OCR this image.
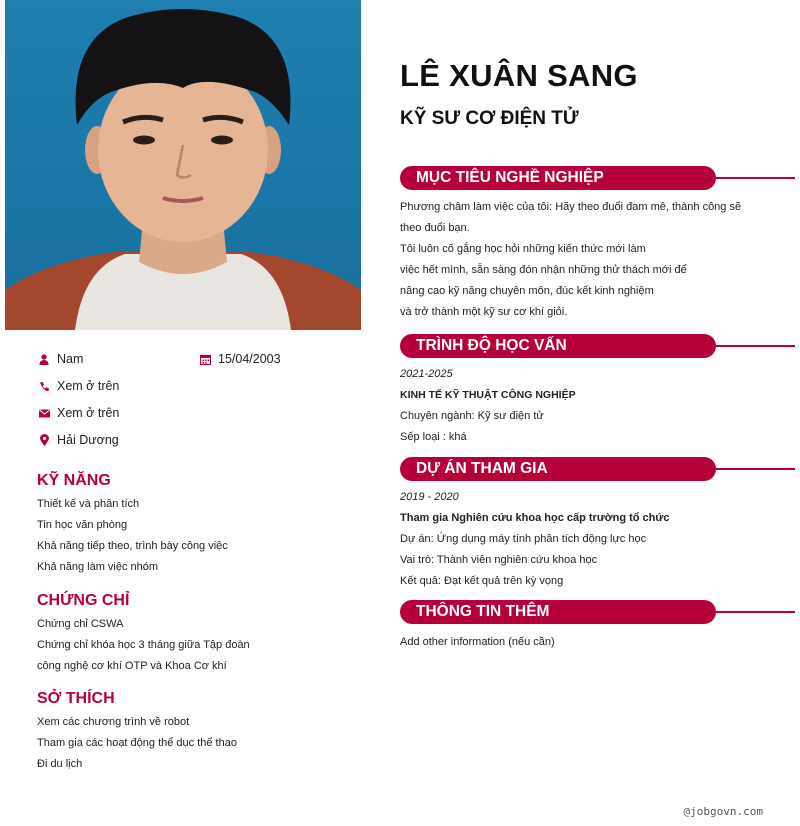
Nam	15/04/2003
Xem ở trên
Xem ở trên
Hải Dương
KỸ NĂNG
Thiết kế và phân tích
Tin học văn phòng
Khả năng tiếp theo, trình bày công việc
Khả năng làm việc nhóm
CHỨNG CHỈ
Chứng chỉ CSWA
Chứng chỉ khóa học 3 tháng giữa Tập đoàn
công nghệ cơ khí OTP và Khoa Cơ khí
SỞ THÍCH
Xem các chương trình về robot
Tham gia các hoạt động thể dục thể thao
Đi du lịch
LÊ XUÂN SANG
KỸ SƯ CƠ ĐIỆN TỬ
MỤC TIÊU NGHỀ NGHIỆP
Phương châm làm việc của tôi: Hãy theo đuổi đam mê, thành công sẽ
theo đuổi bạn.
Tôi luôn cố gắng học hỏi những kiến thức mới làm
việc hết mình, sẵn sàng đón nhận những thử thách mới để
nâng cao kỹ năng chuyên môn, đúc kết kinh nghiệm
và trở thành một kỹ sư cơ khí giỏi.
TRÌNH ĐỘ HỌC VẤN
2021-2025
KINH TẾ KỸ THUẬT CÔNG NGHIỆP
Chuyên ngành: Kỹ sư điện tử
Sếp loại : khá
DỰ ÁN THAM GIA
2019 - 2020
Tham gia Nghiên cứu khoa học cấp trường tổ chức
Dự án: Ứng dụng máy tính phân tích động lực học
Vai trò: Thành viên nghiên cứu khoa học
Kết quả: Đạt kết quả trên kỳ vọng
THÔNG TIN THÊM
Add other information (nếu cần)
@jobgovn.com
